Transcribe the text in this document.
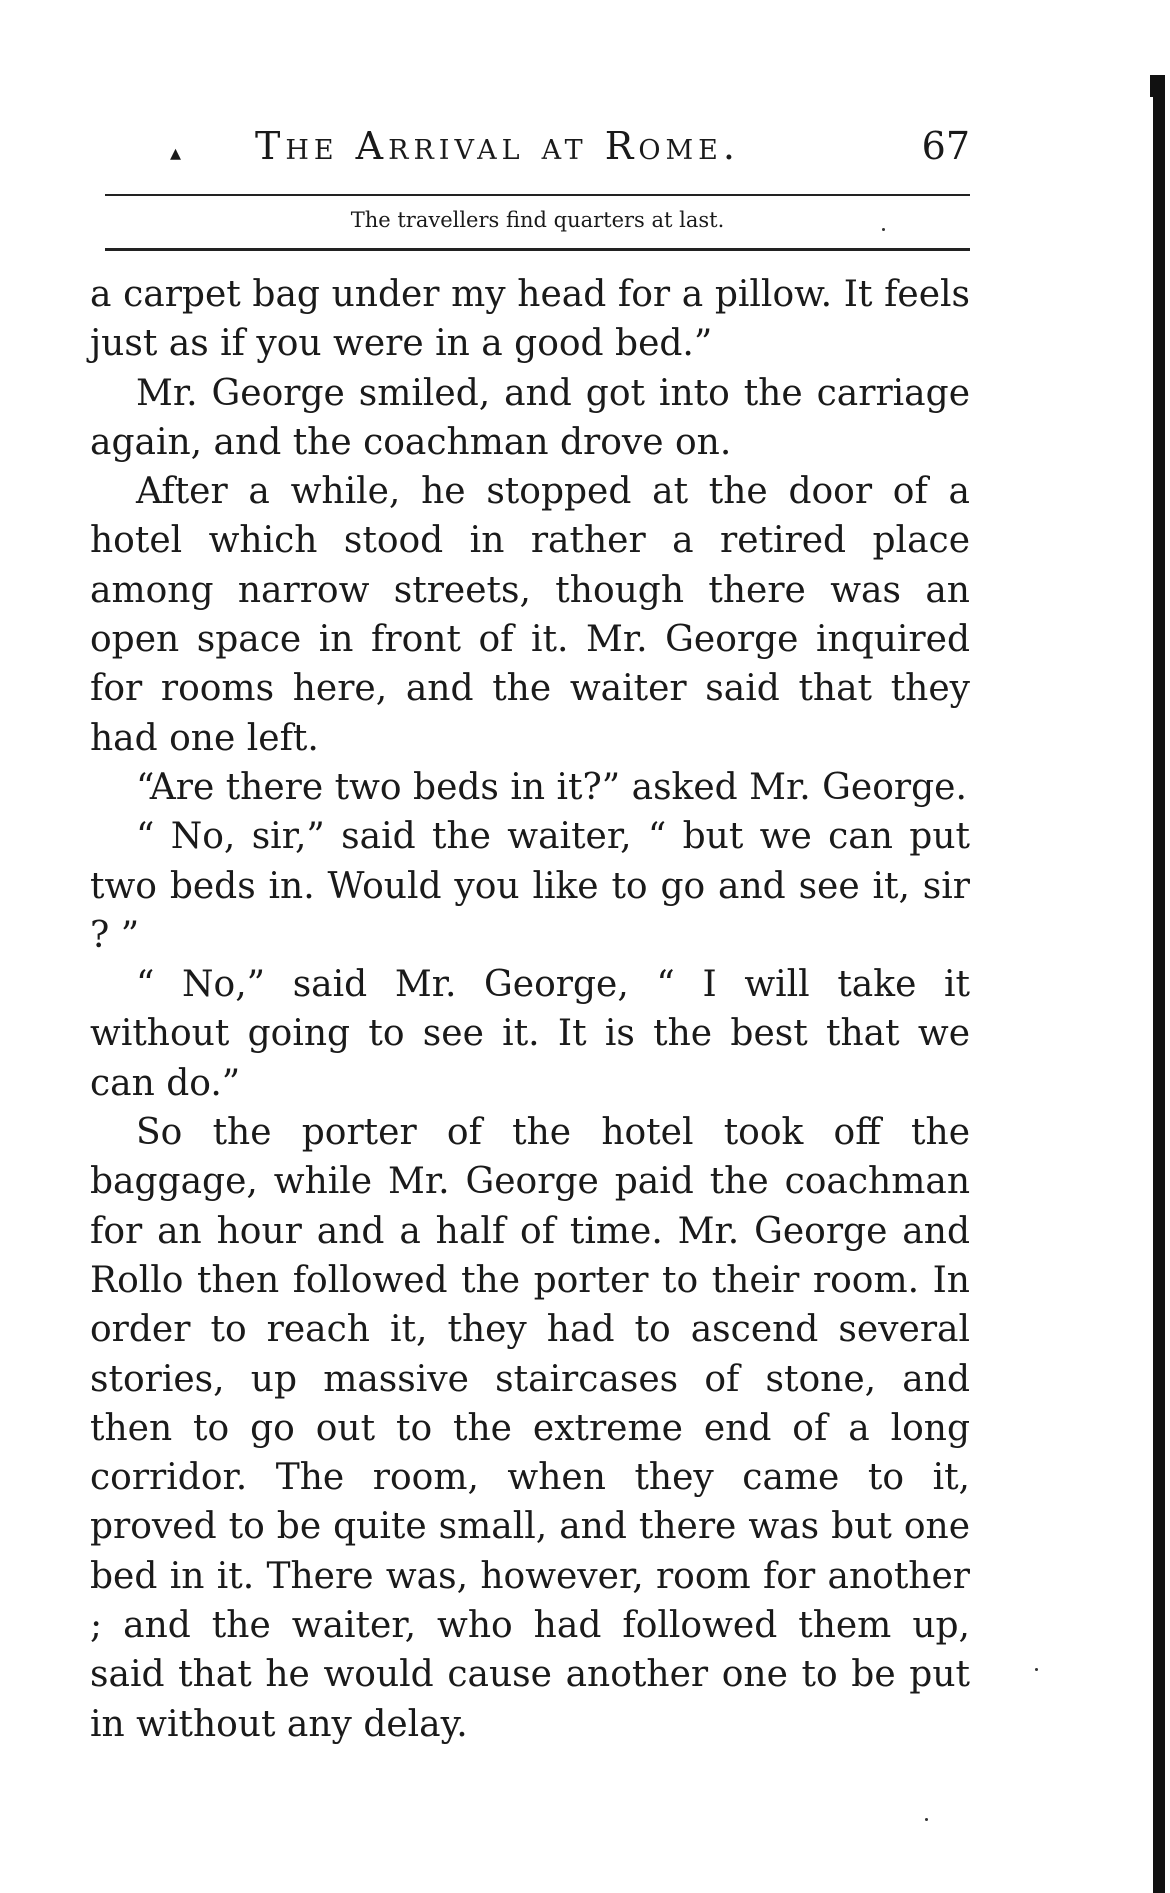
▴ The Arrival at Rome.	67
The travellers find quarters at last.

a carpet bag under my head for a pillow. It feels just as if you were in a good bed.”

Mr. George smiled, and got into the carriage again, and the coachman drove on.

After a while, he stopped at the door of a hotel which stood in rather a retired place among narrow streets, though there was an open space in front of it. Mr. George inquired for rooms here, and the waiter said that they had one left.

“Are there two beds in it?” asked Mr. George.

“ No, sir,” said the waiter, “ but we can put two beds in. Would you like to go and see it, sir ? ”

“ No,” said Mr. George, “ I will take it without going to see it. It is the best that we can do.”

So the porter of the hotel took off the baggage, while Mr. George paid the coachman for an hour and a half of time. Mr. George and Rollo then followed the porter to their room. In order to reach it, they had to ascend several stories, up massive staircases of stone, and then to go out to the extreme end of a long corridor. The room, when they came to it, proved to be quite small, and there was but one bed in it. There was, however, room for another ; and the waiter, who had followed them up, said that he would cause another one to be put in without any delay.
